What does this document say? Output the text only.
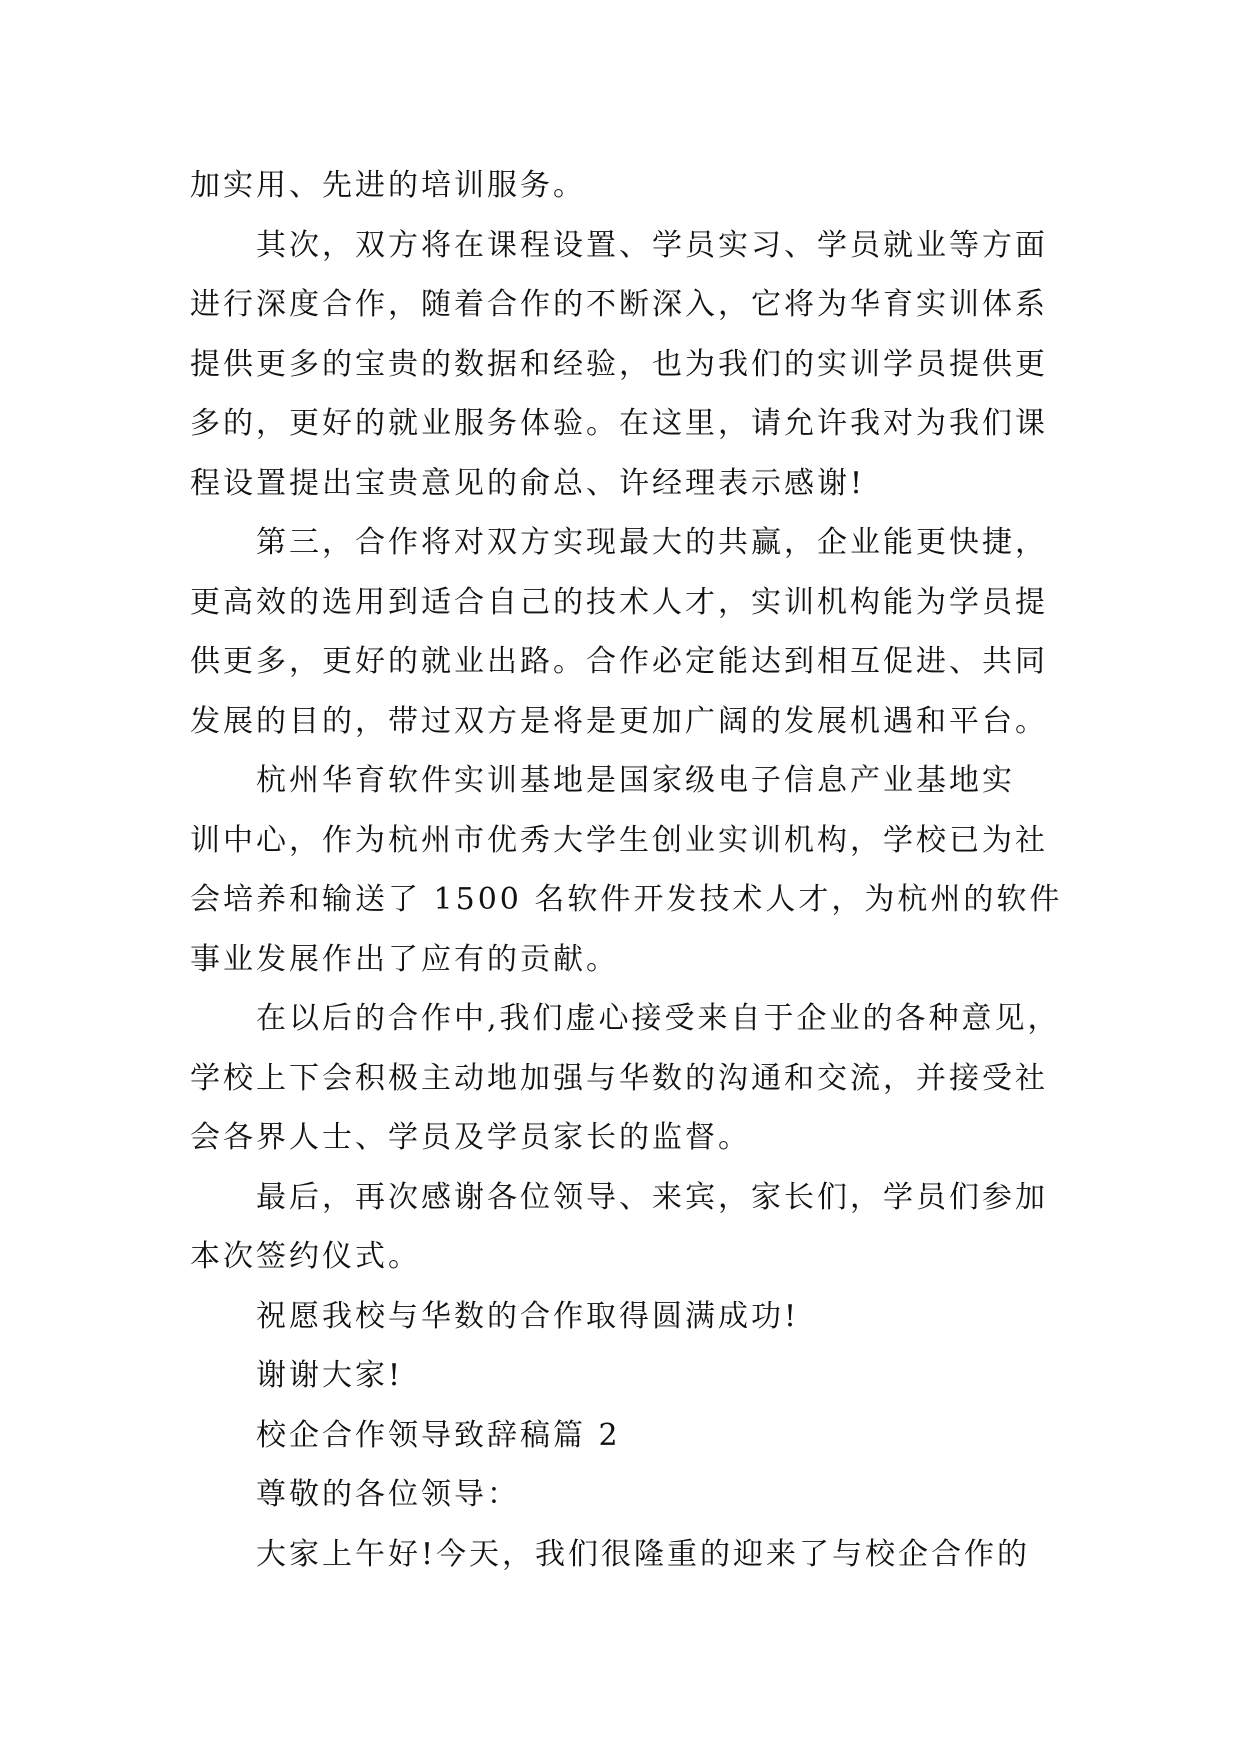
加实用、先进的培训服务。
其次，双方将在课程设置、学员实习、学员就业等方面
进行深度合作，随着合作的不断深入，它将为华育实训体系
提供更多的宝贵的数据和经验，也为我们的实训学员提供更
多的，更好的就业服务体验。在这里，请允许我对为我们课
程设置提出宝贵意见的俞总、许经理表示感谢!
第三，合作将对双方实现最大的共赢，企业能更快捷，
更高效的选用到适合自己的技术人才，实训机构能为学员提
供更多，更好的就业出路。合作必定能达到相互促进、共同
发展的目的，带过双方是将是更加广阔的发展机遇和平台。
杭州华育软件实训基地是国家级电子信息产业基地实
训中心，作为杭州市优秀大学生创业实训机构，学校已为社
会培养和输送了 1500 名软件开发技术人才，为杭州的软件
事业发展作出了应有的贡献。
在以后的合作中,我们虚心接受来自于企业的各种意见，
学校上下会积极主动地加强与华数的沟通和交流，并接受社
会各界人士、学员及学员家长的监督。
最后，再次感谢各位领导、来宾，家长们，学员们参加
本次签约仪式。
祝愿我校与华数的合作取得圆满成功!
谢谢大家!
校企合作领导致辞稿篇 2
尊敬的各位领导：
大家上午好!今天，我们很隆重的迎来了与校企合作的
